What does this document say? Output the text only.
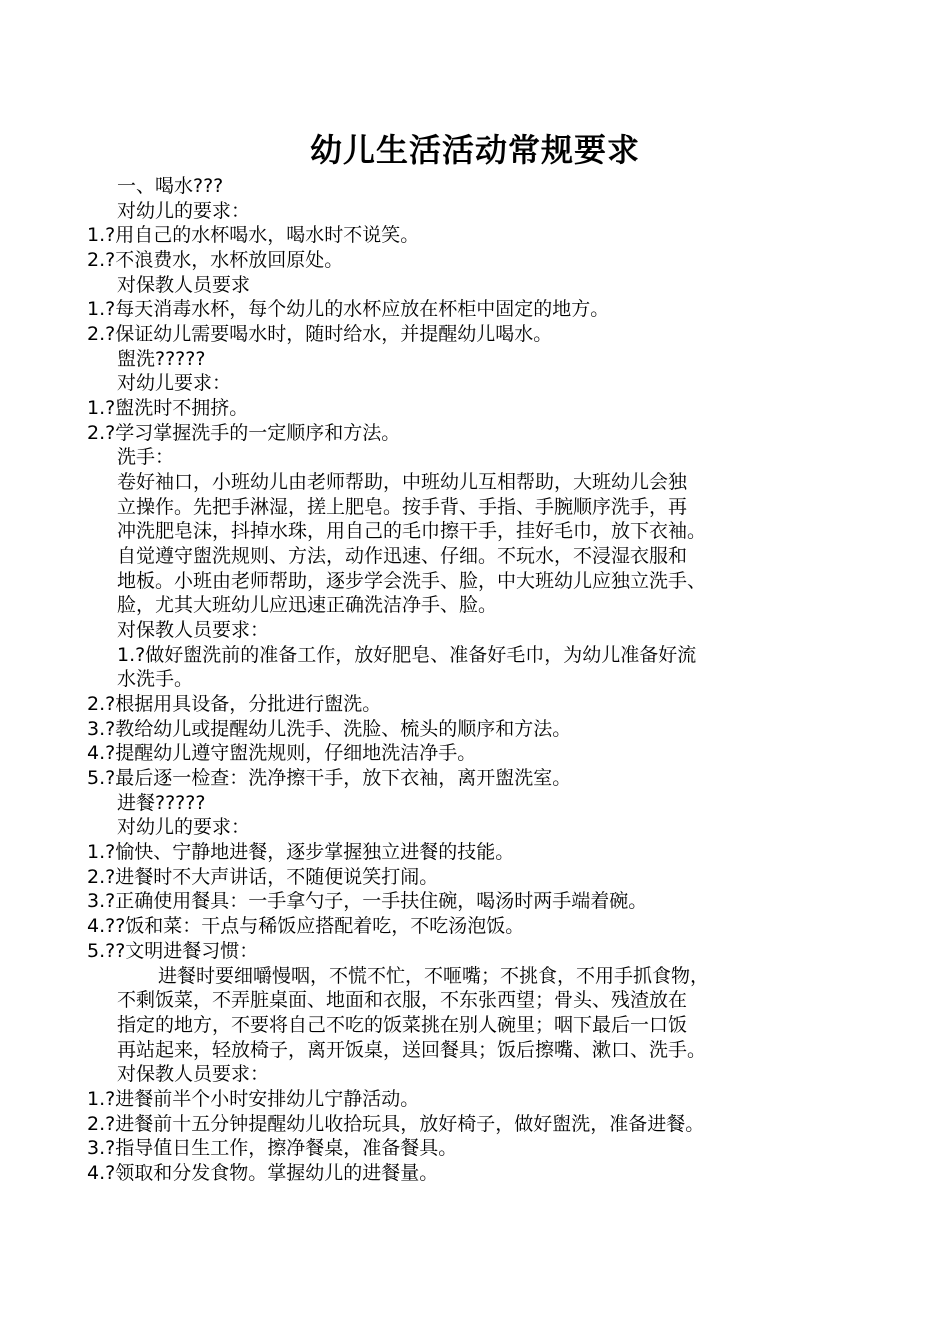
幼儿生活活动常规要求
一、喝水???
对幼儿的要求：
1.?用自己的水杯喝水，喝水时不说笑。
2.?不浪费水，水杯放回原处。
对保教人员要求
1.?每天消毒水杯，每个幼儿的水杯应放在杯柜中固定的地方。
2.?保证幼儿需要喝水时，随时给水，并提醒幼儿喝水。
盥洗?????
对幼儿要求：
1.?盥洗时不拥挤。
2.?学习掌握洗手的一定顺序和方法。
洗手：
卷好袖口，小班幼儿由老师帮助，中班幼儿互相帮助，大班幼儿会独
立操作。先把手淋湿，搓上肥皂。按手背、手指、手腕顺序洗手，再
冲洗肥皂沫，抖掉水珠，用自己的毛巾擦干手，挂好毛巾，放下衣袖。
自觉遵守盥洗规则、方法，动作迅速、仔细。不玩水，不浸湿衣服和
地板。小班由老师帮助，逐步学会洗手、脸，中大班幼儿应独立洗手、
脸，尤其大班幼儿应迅速正确洗洁净手、脸。
对保教人员要求：
1.?做好盥洗前的准备工作，放好肥皂、准备好毛巾，为幼儿准备好流
水洗手。
2.?根据用具设备，分批进行盥洗。
3.?教给幼儿或提醒幼儿洗手、洗脸、梳头的顺序和方法。
4.?提醒幼儿遵守盥洗规则，仔细地洗洁净手。
5.?最后逐一检查：洗净擦干手，放下衣袖，离开盥洗室。
进餐?????
对幼儿的要求：
1.?愉快、宁静地进餐，逐步掌握独立进餐的技能。
2.?进餐时不大声讲话，不随便说笑打闹。
3.?正确使用餐具：一手拿勺子，一手扶住碗，喝汤时两手端着碗。
4.??饭和菜：干点与稀饭应搭配着吃，不吃汤泡饭。
5.??文明进餐习惯：
进餐时要细嚼慢咽，不慌不忙，不咂嘴；不挑食，不用手抓食物，
不剩饭菜，不弄脏桌面、地面和衣服，不东张西望；骨头、残渣放在
指定的地方，不要将自己不吃的饭菜挑在别人碗里；咽下最后一口饭
再站起来，轻放椅子，离开饭桌，送回餐具；饭后擦嘴、漱口、洗手。
对保教人员要求：
1.?进餐前半个小时安排幼儿宁静活动。
2.?进餐前十五分钟提醒幼儿收拾玩具，放好椅子，做好盥洗，准备进餐。
3.?指导值日生工作，擦净餐桌，准备餐具。
4.?领取和分发食物。掌握幼儿的进餐量。
